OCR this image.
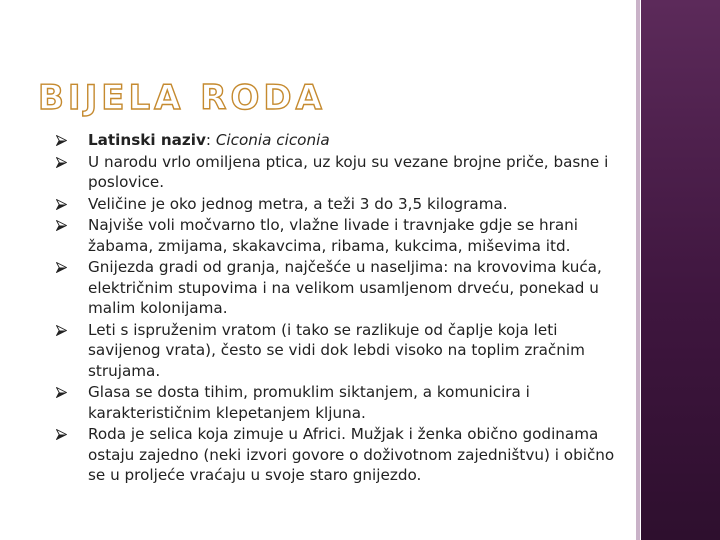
BIJELA RODA
Latinski naziv: Ciconia ciconia
U narodu vrlo omiljena ptica, uz koju su vezane brojne priče, basne i poslovice.
Veličine je oko jednog metra, a teži 3 do 3,5 kilograma.
Najviše voli močvarno tlo, vlažne livade i travnjake gdje se hrani žabama, zmijama, skakavcima, ribama, kukcima, miševima itd.
Gnijezda gradi od granja, najčešće u naseljima: na krovovima kuća, električnim stupovima i na velikom usamljenom drveću, ponekad u malim kolonijama.
Leti s ispruženim vratom (i tako se razlikuje od čaplje koja leti savijenog vrata), često se vidi dok lebdi visoko na toplim zračnim strujama.
Glasa se dosta tihim, promuklim siktanjem, a komunicira i karakterističnim klepetanjem kljuna.
Roda je selica koja zimuje u Africi. Mužjak i ženka obično godinama ostaju zajedno (neki izvori govore o doživotnom zajedništvu) i obično se u proljeće vraćaju u svoje staro gnijezdo.
